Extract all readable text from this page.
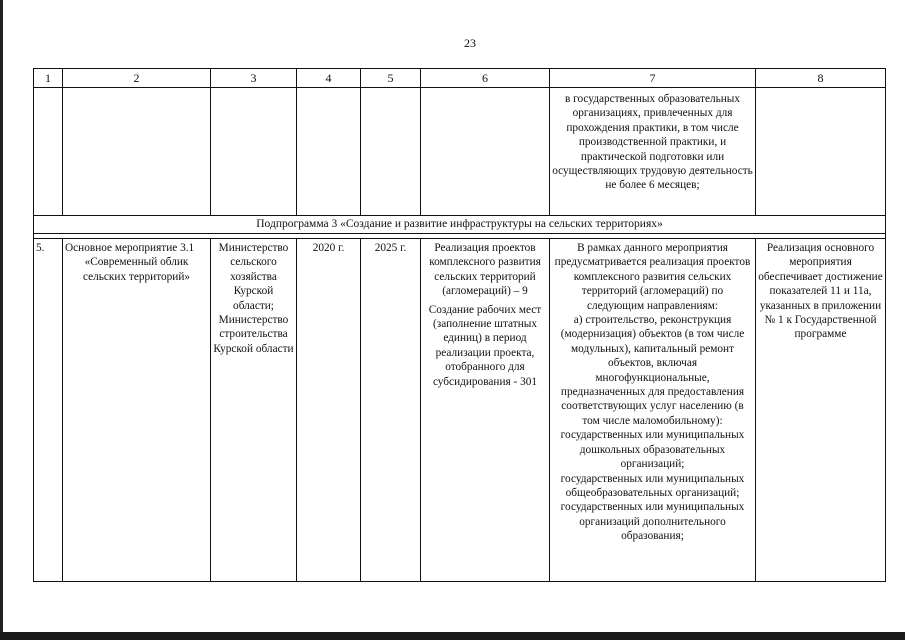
23
1	2	3	4	5	6	7	8
						в государственных образовательных организациях, привлеченных для прохождения практики, в том числе производственной практики, и практической подготовки или осуществляющих трудовую деятельность не более 6 месяцев;	
Подпрограмма 3 «Создание и развитие инфраструктуры на сельских территориях»							

5.	Основное мероприятие 3.1
«Современный облик сельских территорий»	Министерство сельского хозяйства Курской области; Министерство строительства Курской области	2020 г.	2025 г.	Реализация проектов комплексного развития сельских территорий (агломераций) – 9
Создание рабочих мест (заполнение штатных единиц) в период реализации проекта, отобранного для субсидирования - 301	В рамках данного мероприятия предусматривается реализация проектов комплексного развития сельских территорий (агломераций) по следующим направлениям:
а) строительство, реконструкция (модернизация) объектов (в том числе модульных), капитальный ремонт объектов, включая многофункциональные, предназначенных для предоставления соответствующих услуг населению (в том числе маломобильному):
государственных или муниципальных дошкольных образовательных организаций;
государственных или муниципальных общеобразовательных организаций;
государственных или муниципальных организаций дополнительного образования;	Реализация основного мероприятия обеспечивает достижение показателей 11 и 11а, указанных в приложении № 1 к Государственной программе
